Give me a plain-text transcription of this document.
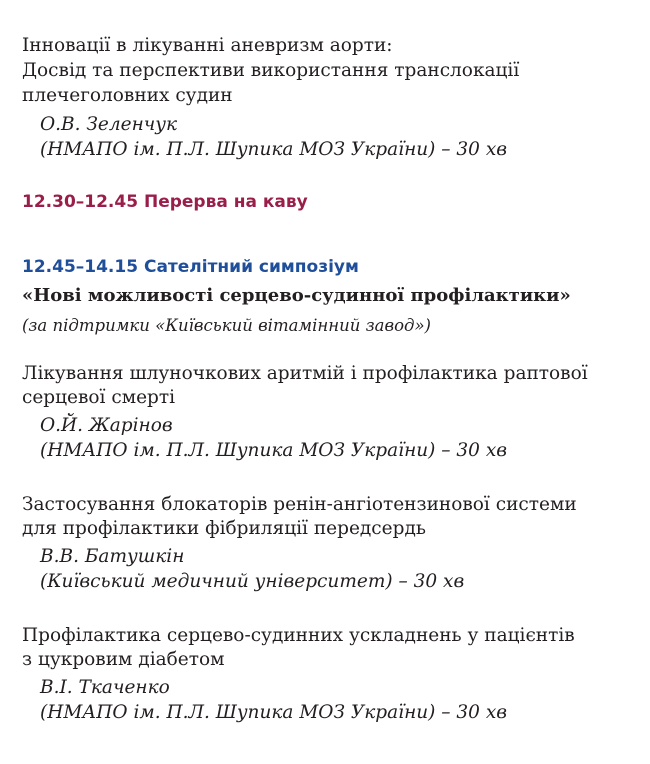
Інновації в лікуванні аневризм аорти:
Досвід та перспективи використання транслокації
плечеголовних судин
О.В. Зеленчук
(НМАПО ім. П.Л. Шупика МОЗ України) – 30 хв
12.30–12.45 Перерва на каву
12.45–14.15 Сателітний симпозіум
«Нові можливості серцево-судинної профілактики»
(за підтримки «Київський вітамінний завод»)
Лікування шлуночкових аритмій і профілактика раптової
серцевої смерті
О.Й. Жарінов
(НМАПО ім. П.Л. Шупика МОЗ України) – 30 хв
Застосування блокаторів ренін-ангіотензинової системи
для профілактики фібриляції передсердь
В.В. Батушкін
(Київський медичний університет) – 30 хв
Профілактика серцево-судинних ускладнень у пацієнтів
з цукровим діабетом
В.І. Ткаченко
(НМАПО ім. П.Л. Шупика МОЗ України) – 30 хв
